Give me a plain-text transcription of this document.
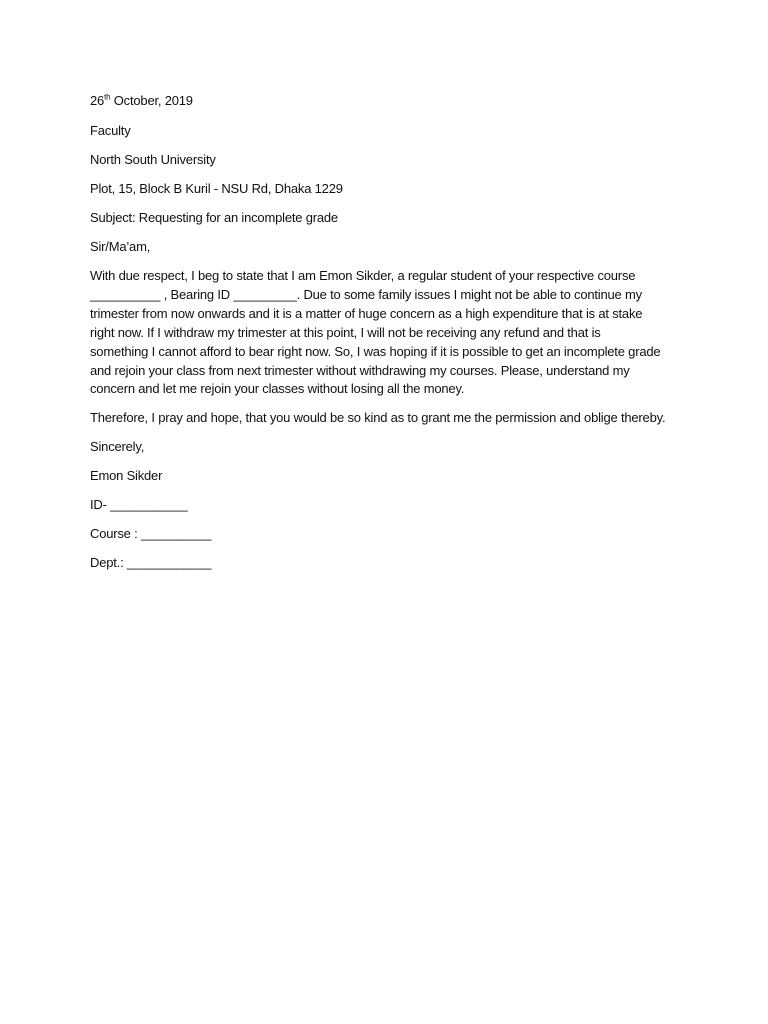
26th October, 2019
Faculty
North South University
Plot, 15, Block B Kuril - NSU Rd, Dhaka 1229
Subject: Requesting for an incomplete grade
Sir/Ma’am,
With due respect, I beg to state that I am Emon Sikder, a regular student of your respective course
__________ , Bearing ID _________. Due to some family issues I might not be able to continue my
trimester from now onwards and it is a matter of huge concern as a high expenditure that is at stake
right now. If I withdraw my trimester at this point, I will not be receiving any refund and that is
something I cannot afford to bear right now. So, I was hoping if it is possible to get an incomplete grade
and rejoin your class from next trimester without withdrawing my courses. Please, understand my
concern and let me rejoin your classes without losing all the money.
Therefore, I pray and hope, that you would be so kind as to grant me the permission and oblige thereby.
Sincerely,
Emon Sikder
ID- ___________
Course : __________
Dept.: ____________
